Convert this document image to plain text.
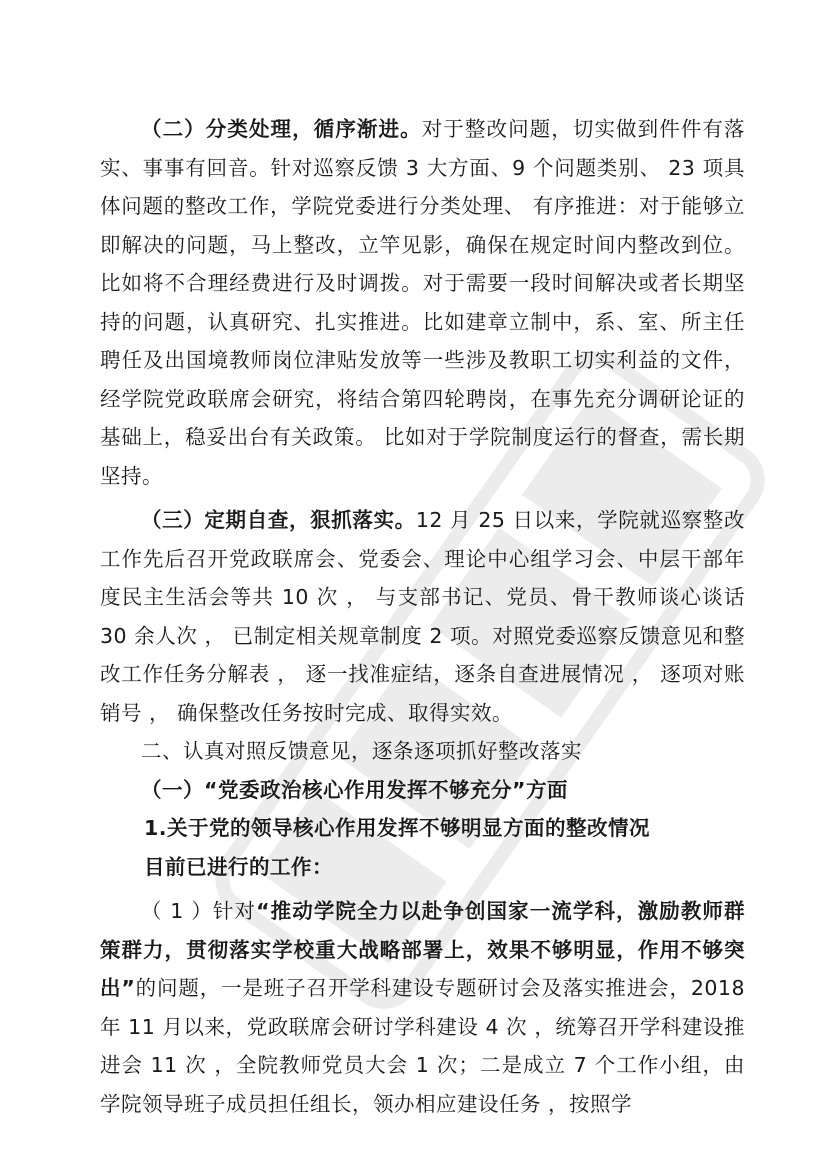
（二）分类处理，循序渐进。对于整改问题，切实做到件件有落实、事事有回音。针对巡察反馈 3 大方面、9 个问题类别、 23 项具体问题的整改工作，学院党委进行分类处理、 有序推进：对于能够立即解决的问题，马上整改，立竿见影，确保在规定时间内整改到位。比如将不合理经费进行及时调拨。对于需要一段时间解决或者长期坚持的问题，认真研究、扎实推进。比如建章立制中，系、室、所主任聘任及出国境教师岗位津贴发放等一些涉及教职工切实利益的文件，经学院党政联席会研究，将结合第四轮聘岗，在事先充分调研论证的基础上，稳妥出台有关政策。 比如对于学院制度运行的督查，需长期坚持。

（三）定期自查，狠抓落实。12 月 25 日以来，学院就巡察整改工作先后召开党政联席会、党委会、理论中心组学习会、中层干部年度民主生活会等共 10 次 ， 与支部书记、党员、骨干教师谈心谈话 30 余人次 ， 已制定相关规章制度 2 项。对照党委巡察反馈意见和整改工作任务分解表 ， 逐一找准症结，逐条自查进展情况 ， 逐项对账销号 ， 确保整改任务按时完成、取得实效。

二、认真对照反馈意见，逐条逐项抓好整改落实

（一）“党委政治核心作用发挥不够充分”方面

1.关于党的领导核心作用发挥不够明显方面的整改情况

目前已进行的工作：

（ 1 ）针对“推动学院全力以赴争创国家一流学科，激励教师群策群力，贯彻落实学校重大战略部署上，效果不够明显，作用不够突出”的问题，一是班子召开学科建设专题研讨会及落实推进会，2018 年 11 月以来，党政联席会研讨学科建设 4 次 ，统筹召开学科建设推进会 11 次 ，全院教师党员大会 1 次；二是成立 7 个工作小组，由学院领导班子成员担任组长，领办相应建设任务 ，按照学
